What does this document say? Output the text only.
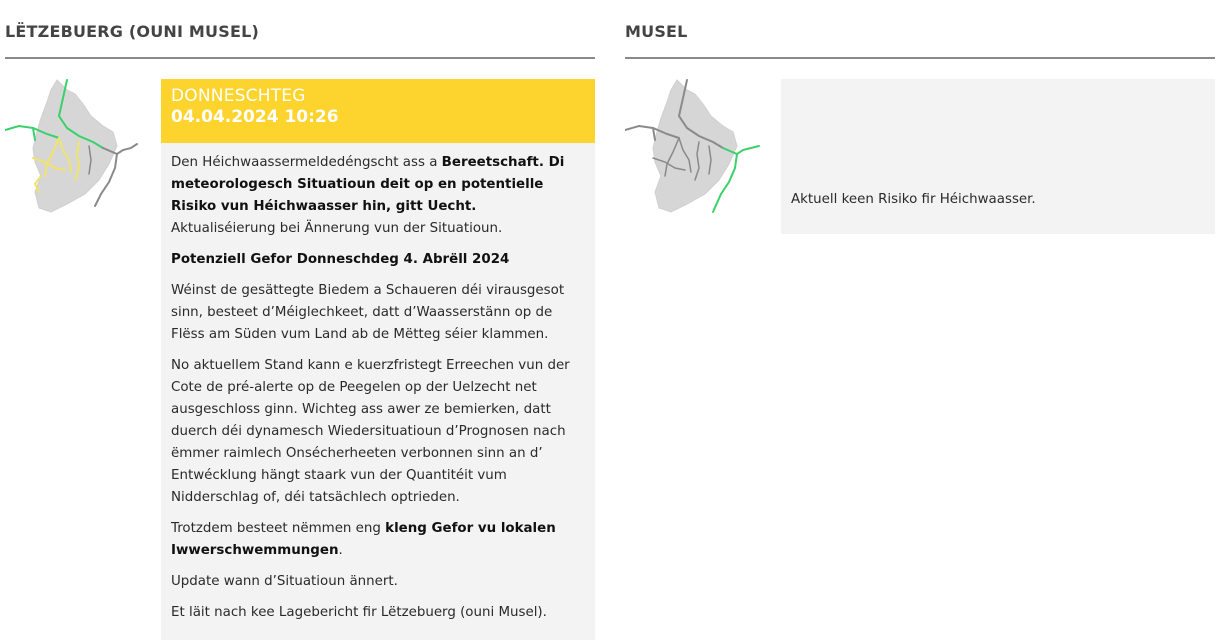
LËTZEBUERG (OUNI MUSEL)
DONNESCHTEG
04.04.2024 10:26

Den Héichwaassermeldedéngscht ass a Bereetschaft. Di meteorologesch Situatioun deit op en potentielle Risiko vun Héichwaasser hin, gitt Uecht. Aktualiséierung bei Ännerung vun der Situatioun.

Potenziell Gefor Donneschdeg 4. Abrëll 2024

Wéinst de gesättegte Biedem a Schaueren déi virausgesot sinn, besteet d’Méiglechkeet, datt d’Waasserstänn op de Flëss am Süden vum Land ab de Mëtteg séier klammen.

No aktuellem Stand kann e kuerzfristegt Erreechen vun der Cote de pré-alerte op de Peegelen op der Uelzecht net ausgeschloss ginn. Wichteg ass awer ze bemierken, datt duerch déi dynamesch Wiedersituatioun d’Prognosen nach ëmmer raimlech Onsécherheeten verbonnen sinn an d’ Entwécklung hängt staark vun der Quantitéit vum Nidderschlag of, déi tatsächlech optrieden.

Trotzdem besteet nëmmen eng kleng Gefor vu lokalen Iwwerschwemmungen.

Update wann d’Situatioun ännert.

Et läit nach kee Lagebericht fir Lëtzebuerg (ouni Musel).

MUSEL
Aktuell keen Risiko fir Héichwaasser.
